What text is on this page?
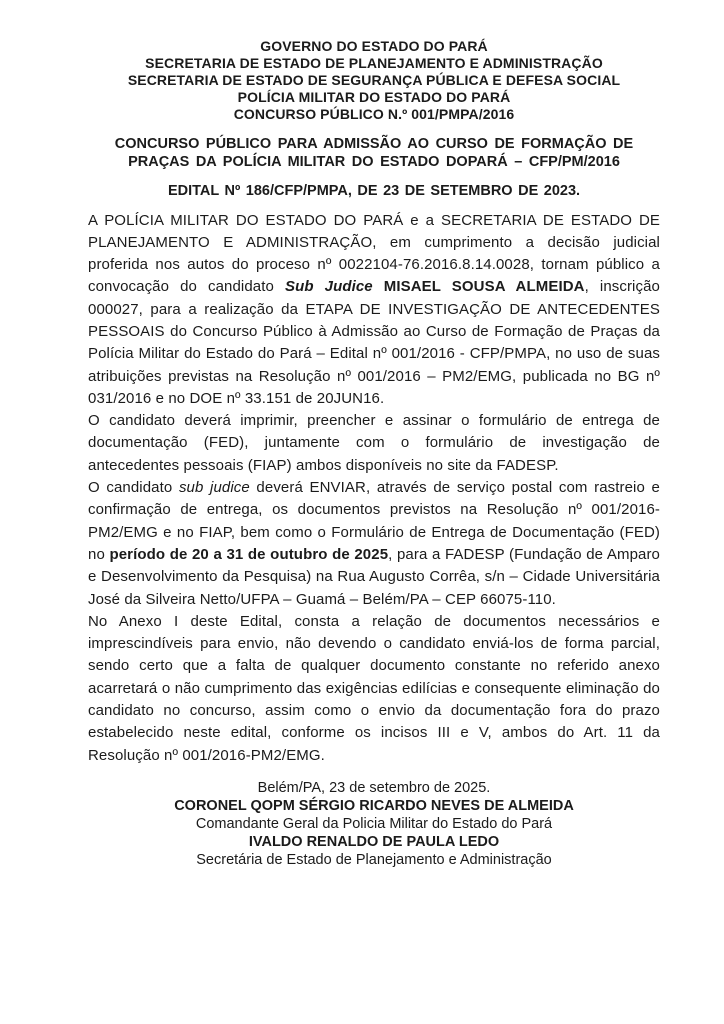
GOVERNO DO ESTADO DO PARÁ
SECRETARIA DE ESTADO DE PLANEJAMENTO E ADMINISTRAÇÃO
SECRETARIA DE ESTADO DE SEGURANÇA PÚBLICA E DEFESA SOCIAL
POLÍCIA MILITAR DO ESTADO DO PARÁ
CONCURSO PÚBLICO N.º 001/PMPA/2016
CONCURSO PÚBLICO PARA ADMISSÃO AO CURSO DE FORMAÇÃO DE
PRAÇAS DA POLÍCIA MILITAR DO ESTADO DOPARÁ – CFP/PM/2016
EDITAL Nº 186/CFP/PMPA, DE 23 DE SETEMBRO DE 2023.

A POLÍCIA MILITAR DO ESTADO DO PARÁ e a SECRETARIA DE ESTADO DE PLANEJAMENTO E ADMINISTRAÇÃO, em cumprimento a decisão judicial proferida nos autos do proceso nº 0022104-76.2016.8.14.0028, tornam público a convocação do candidato Sub Judice MISAEL SOUSA ALMEIDA, inscrição 000027, para a realização da ETAPA DE INVESTIGAÇÃO DE ANTECEDENTES PESSOAIS do Concurso Público à Admissão ao Curso de Formação de Praças da Polícia Militar do Estado do Pará – Edital nº 001/2016 - CFP/PMPA, no uso de suas atribuições previstas na Resolução nº 001/2016 – PM2/EMG, publicada no BG nº 031/2016 e no DOE nº 33.151 de 20JUN16.

O candidato deverá imprimir, preencher e assinar o formulário de entrega de documentação (FED), juntamente com o formulário de investigação de antecedentes pessoais (FIAP) ambos disponíveis no site da FADESP.

O candidato sub judice deverá ENVIAR, através de serviço postal com rastreio e confirmação de entrega, os documentos previstos na Resolução nº 001/2016-PM2/EMG e no FIAP, bem como o Formulário de Entrega de Documentação (FED) no período de 20 a 31 de outubro de 2025, para a FADESP (Fundação de Amparo e Desenvolvimento da Pesquisa) na Rua Augusto Corrêa, s/n – Cidade Universitária José da Silveira Netto/UFPA – Guamá – Belém/PA – CEP 66075-110.

No Anexo I deste Edital, consta a relação de documentos necessários e imprescindíveis para envio, não devendo o candidato enviá-los de forma parcial, sendo certo que a falta de qualquer documento constante no referido anexo acarretará o não cumprimento das exigências edilícias e consequente eliminação do candidato no concurso, assim como o envio da documentação fora do prazo estabelecido neste edital, conforme os incisos III e V, ambos do Art. 11 da Resolução nº 001/2016-PM2/EMG.

Belém/PA, 23 de setembro de 2025.
CORONEL QOPM SÉRGIO RICARDO NEVES DE ALMEIDA
Comandante Geral da Policia Militar do Estado do Pará
IVALDO RENALDO DE PAULA LEDO
Secretária de Estado de Planejamento e Administração
